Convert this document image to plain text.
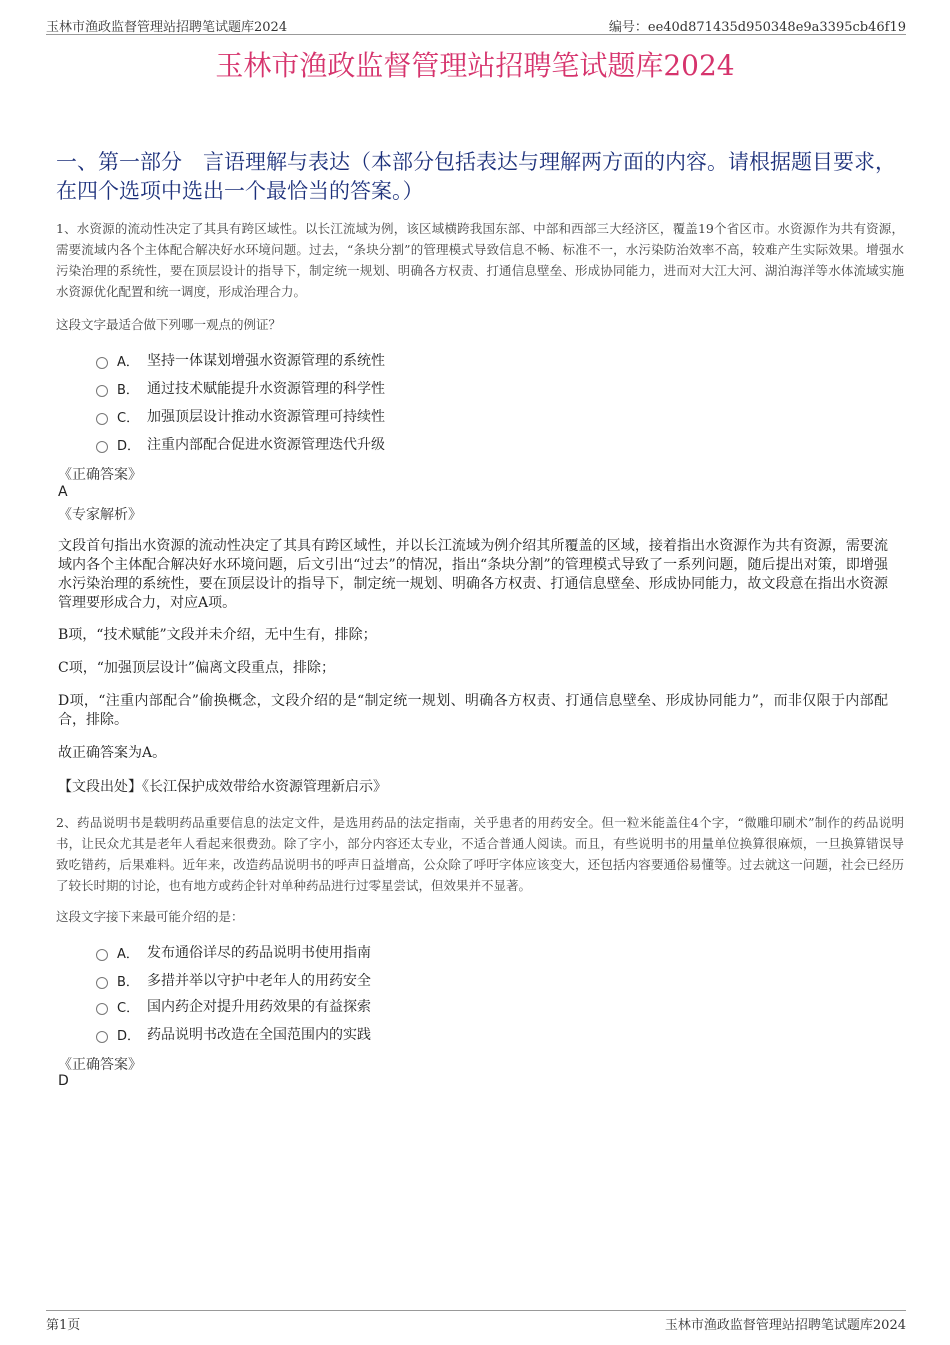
玉林市渔政监督管理站招聘笔试题库2024	编号：ee40d871435d950348e9a3395cb46f19
玉林市渔政监督管理站招聘笔试题库2024
一、第一部分　言语理解与表达（本部分包括表达与理解两方面的内容。请根据题目要求，在四个选项中选出一个最恰当的答案。）
1、水资源的流动性决定了其具有跨区域性。以长江流域为例，该区域横跨我国东部、中部和西部三大经济区，覆盖19个省区市。水资源作为共有资源，需要流域内各个主体配合解决好水环境问题。过去，“条块分割”的管理模式导致信息不畅、标准不一，水污染防治效率不高，较难产生实际效果。增强水污染治理的系统性，要在顶层设计的指导下，制定统一规划、明确各方权责、打通信息壁垒、形成协同能力，进而对大江大河、湖泊海洋等水体流域实施水资源优化配置和统一调度，形成治理合力。
这段文字最适合做下列哪一观点的例证？
A． 坚持一体谋划增强水资源管理的系统性
B． 通过技术赋能提升水资源管理的科学性
C． 加强顶层设计推动水资源管理可持续性
D． 注重内部配合促进水资源管理迭代升级
《正确答案》
A
《专家解析》
文段首句指出水资源的流动性决定了其具有跨区域性，并以长江流域为例介绍其所覆盖的区域，接着指出水资源作为共有资源，需要流域内各个主体配合解决好水环境问题，后文引出“过去”的情况，指出“条块分割”的管理模式导致了一系列问题，随后提出对策，即增强水污染治理的系统性，要在顶层设计的指导下，制定统一规划、明确各方权责、打通信息壁垒、形成协同能力，故文段意在指出水资源管理要形成合力，对应A项。
B项，“技术赋能”文段并未介绍，无中生有，排除；
C项，“加强顶层设计”偏离文段重点，排除；
D项，“注重内部配合”偷换概念，文段介绍的是“制定统一规划、明确各方权责、打通信息壁垒、形成协同能力”，而非仅限于内部配合，排除。
故正确答案为A。
【文段出处】《长江保护成效带给水资源管理新启示》
2、药品说明书是载明药品重要信息的法定文件，是选用药品的法定指南，关乎患者的用药安全。但一粒米能盖住4个字，“微雕印刷术”制作的药品说明书，让民众尤其是老年人看起来很费劲。除了字小，部分内容还太专业，不适合普通人阅读。而且，有些说明书的用量单位换算很麻烦，一旦换算错误导致吃错药，后果难料。近年来，改造药品说明书的呼声日益增高，公众除了呼吁字体应该变大，还包括内容要通俗易懂等。过去就这一问题，社会已经历了较长时期的讨论，也有地方或药企针对单种药品进行过零星尝试，但效果并不显著。
这段文字接下来最可能介绍的是：
A． 发布通俗详尽的药品说明书使用指南
B． 多措并举以守护中老年人的用药安全
C． 国内药企对提升用药效果的有益探索
D． 药品说明书改造在全国范围内的实践
《正确答案》
D
第1页	玉林市渔政监督管理站招聘笔试题库2024
